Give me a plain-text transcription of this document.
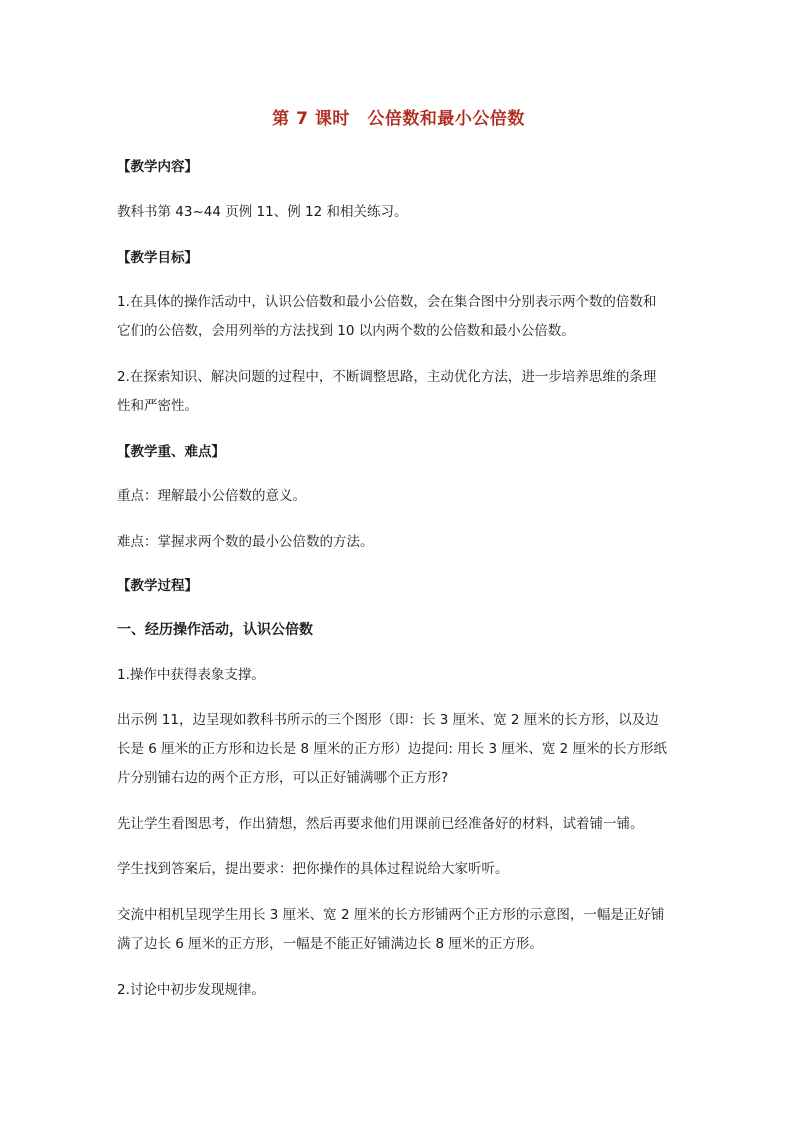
第 7 课时　公倍数和最小公倍数
【教学内容】
教科书第 43~44 页例 11、例 12 和相关练习。
【教学目标】
1.在具体的操作活动中，认识公倍数和最小公倍数，会在集合图中分别表示两个数的倍数和
它们的公倍数，会用列举的方法找到 10 以内两个数的公倍数和最小公倍数。
2.在探索知识、解决问题的过程中，不断调整思路，主动优化方法，进一步培养思维的条理
性和严密性。
【教学重、难点】
重点：理解最小公倍数的意义。
难点：掌握求两个数的最小公倍数的方法。
【教学过程】
一、经历操作活动，认识公倍数
1.操作中获得表象支撑。
出示例 11，边呈现如教科书所示的三个图形（即：长 3 厘米、宽 2 厘米的长方形，以及边
长是 6 厘米的正方形和边长是 8 厘米的正方形）边提问: 用长 3 厘米、宽 2 厘米的长方形纸
片分别铺右边的两个正方形，可以正好铺满哪个正方形?
先让学生看图思考，作出猜想，然后再要求他们用课前已经准备好的材料，试着铺一铺。
学生找到答案后，提出要求：把你操作的具体过程说给大家听听。
交流中相机呈现学生用长 3 厘米、宽 2 厘米的长方形铺两个正方形的示意图，一幅是正好铺
满了边长 6 厘米的正方形，一幅是不能正好铺满边长 8 厘米的正方形。
2.讨论中初步发现规律。
